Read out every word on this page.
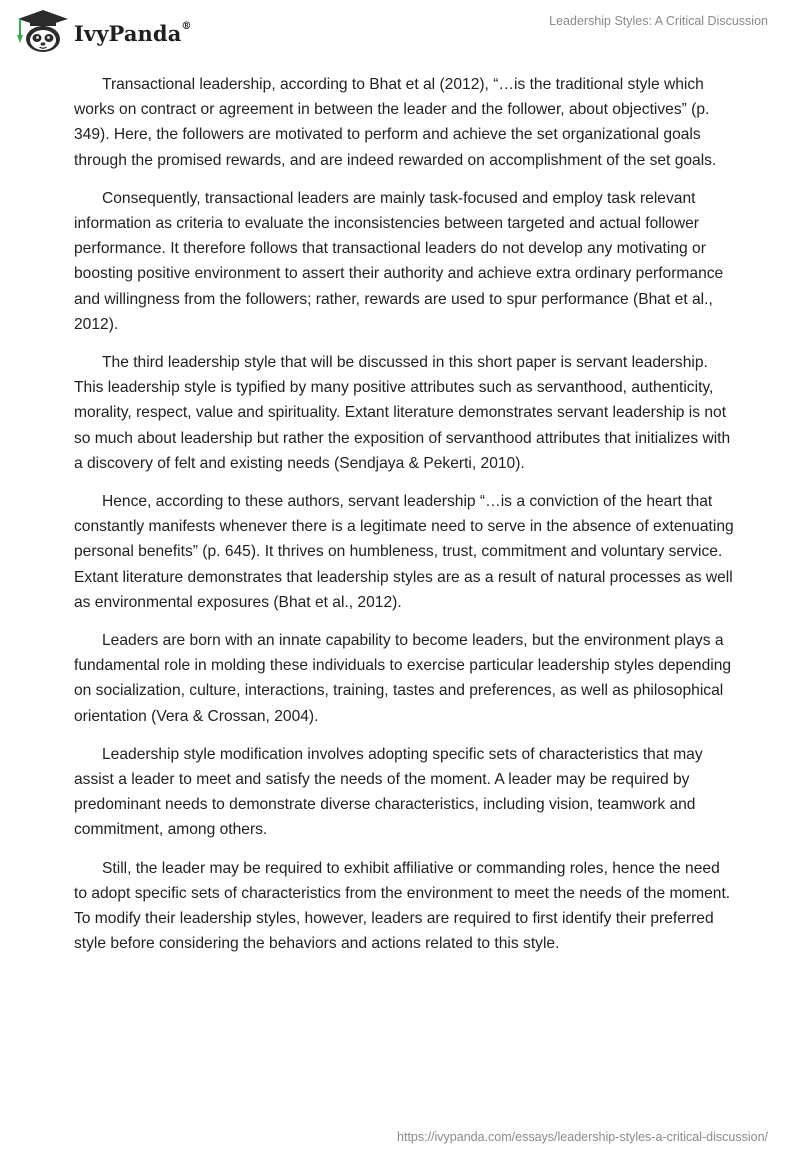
IvyPanda®	Leadership Styles: A Critical Discussion

Transactional leadership, according to Bhat et al (2012), “…is the traditional style which works on contract or agreement in between the leader and the follower, about objectives” (p. 349). Here, the followers are motivated to perform and achieve the set organizational goals through the promised rewards, and are indeed rewarded on accomplishment of the set goals.

Consequently, transactional leaders are mainly task-focused and employ task relevant information as criteria to evaluate the inconsistencies between targeted and actual follower performance. It therefore follows that transactional leaders do not develop any motivating or boosting positive environment to assert their authority and achieve extra ordinary performance and willingness from the followers; rather, rewards are used to spur performance (Bhat et al., 2012).

The third leadership style that will be discussed in this short paper is servant leadership. This leadership style is typified by many positive attributes such as servanthood, authenticity, morality, respect, value and spirituality. Extant literature demonstrates servant leadership is not so much about leadership but rather the exposition of servanthood attributes that initializes with a discovery of felt and existing needs (Sendjaya & Pekerti, 2010).

Hence, according to these authors, servant leadership “…is a conviction of the heart that constantly manifests whenever there is a legitimate need to serve in the absence of extenuating personal benefits” (p. 645). It thrives on humbleness, trust, commitment and voluntary service. Extant literature demonstrates that leadership styles are as a result of natural processes as well as environmental exposures (Bhat et al., 2012).

Leaders are born with an innate capability to become leaders, but the environment plays a fundamental role in molding these individuals to exercise particular leadership styles depending on socialization, culture, interactions, training, tastes and preferences, as well as philosophical orientation (Vera & Crossan, 2004).

Leadership style modification involves adopting specific sets of characteristics that may assist a leader to meet and satisfy the needs of the moment. A leader may be required by predominant needs to demonstrate diverse characteristics, including vision, teamwork and commitment, among others.

Still, the leader may be required to exhibit affiliative or commanding roles, hence the need to adopt specific sets of characteristics from the environment to meet the needs of the moment. To modify their leadership styles, however, leaders are required to first identify their preferred style before considering the behaviors and actions related to this style.

https://ivypanda.com/essays/leadership-styles-a-critical-discussion/
